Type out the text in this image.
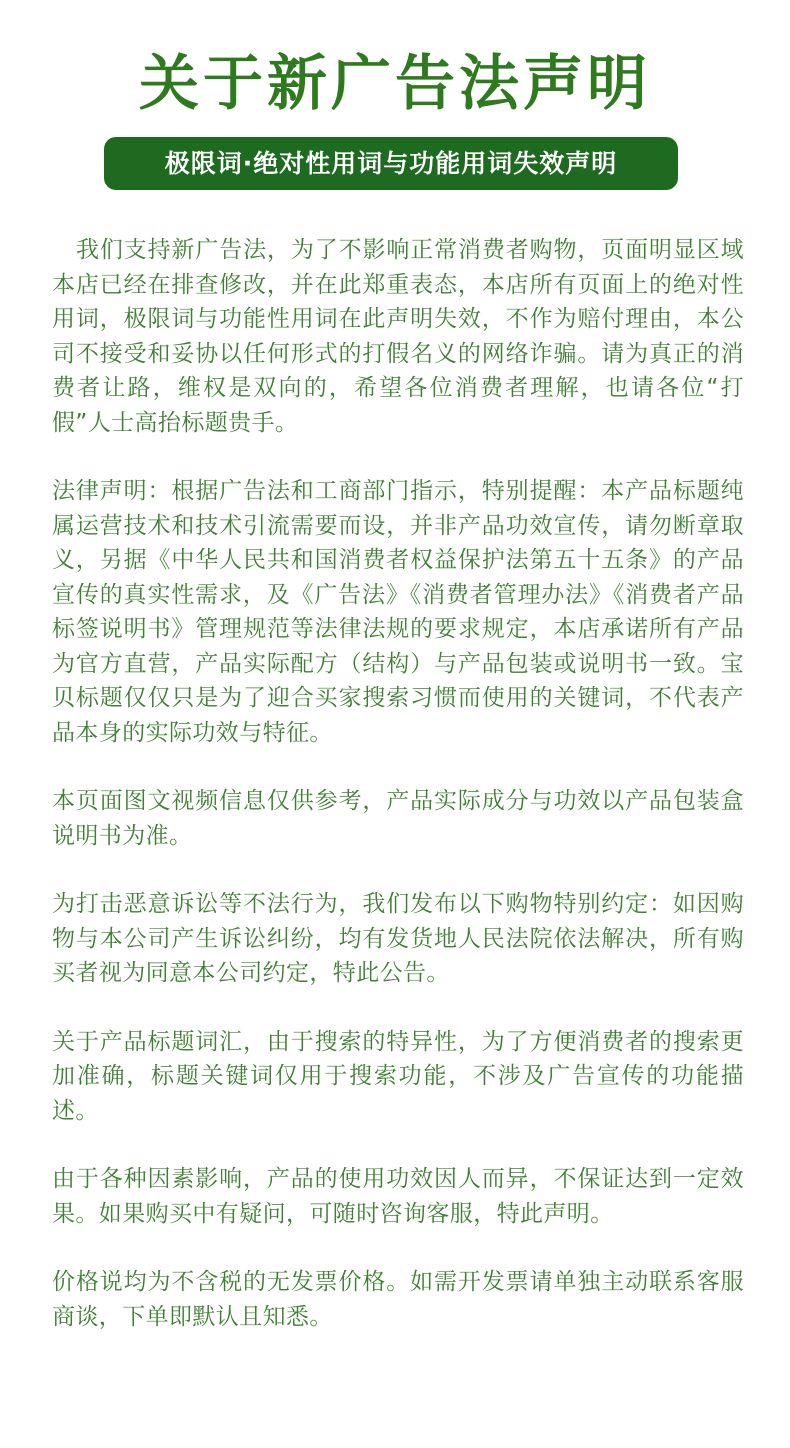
关于新广告法声明
极限词·绝对性用词与功能用词失效声明

我们支持新广告法，为了不影响正常消费者购物，页面明显区域本店已经在排查修改，并在此郑重表态，本店所有页面上的绝对性用词，极限词与功能性用词在此声明失效，不作为赔付理由，本公司不接受和妥协以任何形式的打假名义的网络诈骗。请为真正的消费者让路，维权是双向的，希望各位消费者理解，也请各位“打假”人士高抬标题贵手。

法律声明：根据广告法和工商部门指示，特别提醒：本产品标题纯属运营技术和技术引流需要而设，并非产品功效宣传，请勿断章取义，另据《中华人民共和国消费者权益保护法第五十五条》的产品宣传的真实性需求，及《广告法》《消费者管理办法》《消费者产品标签说明书》管理规范等法律法规的要求规定，本店承诺所有产品为官方直营，产品实际配方（结构）与产品包装或说明书一致。宝贝标题仅仅只是为了迎合买家搜索习惯而使用的关键词，不代表产品本身的实际功效与特征。

本页面图文视频信息仅供参考，产品实际成分与功效以产品包装盒说明书为准。

为打击恶意诉讼等不法行为，我们发布以下购物特别约定：如因购物与本公司产生诉讼纠纷，均有发货地人民法院依法解决，所有购买者视为同意本公司约定，特此公告。

关于产品标题词汇，由于搜索的特异性，为了方便消费者的搜索更加准确，标题关键词仅用于搜索功能，不涉及广告宣传的功能描述。

由于各种因素影响，产品的使用功效因人而异，不保证达到一定效果。如果购买中有疑问，可随时咨询客服，特此声明。

价格说均为不含税的无发票价格。如需开发票请单独主动联系客服商谈，下单即默认且知悉。
